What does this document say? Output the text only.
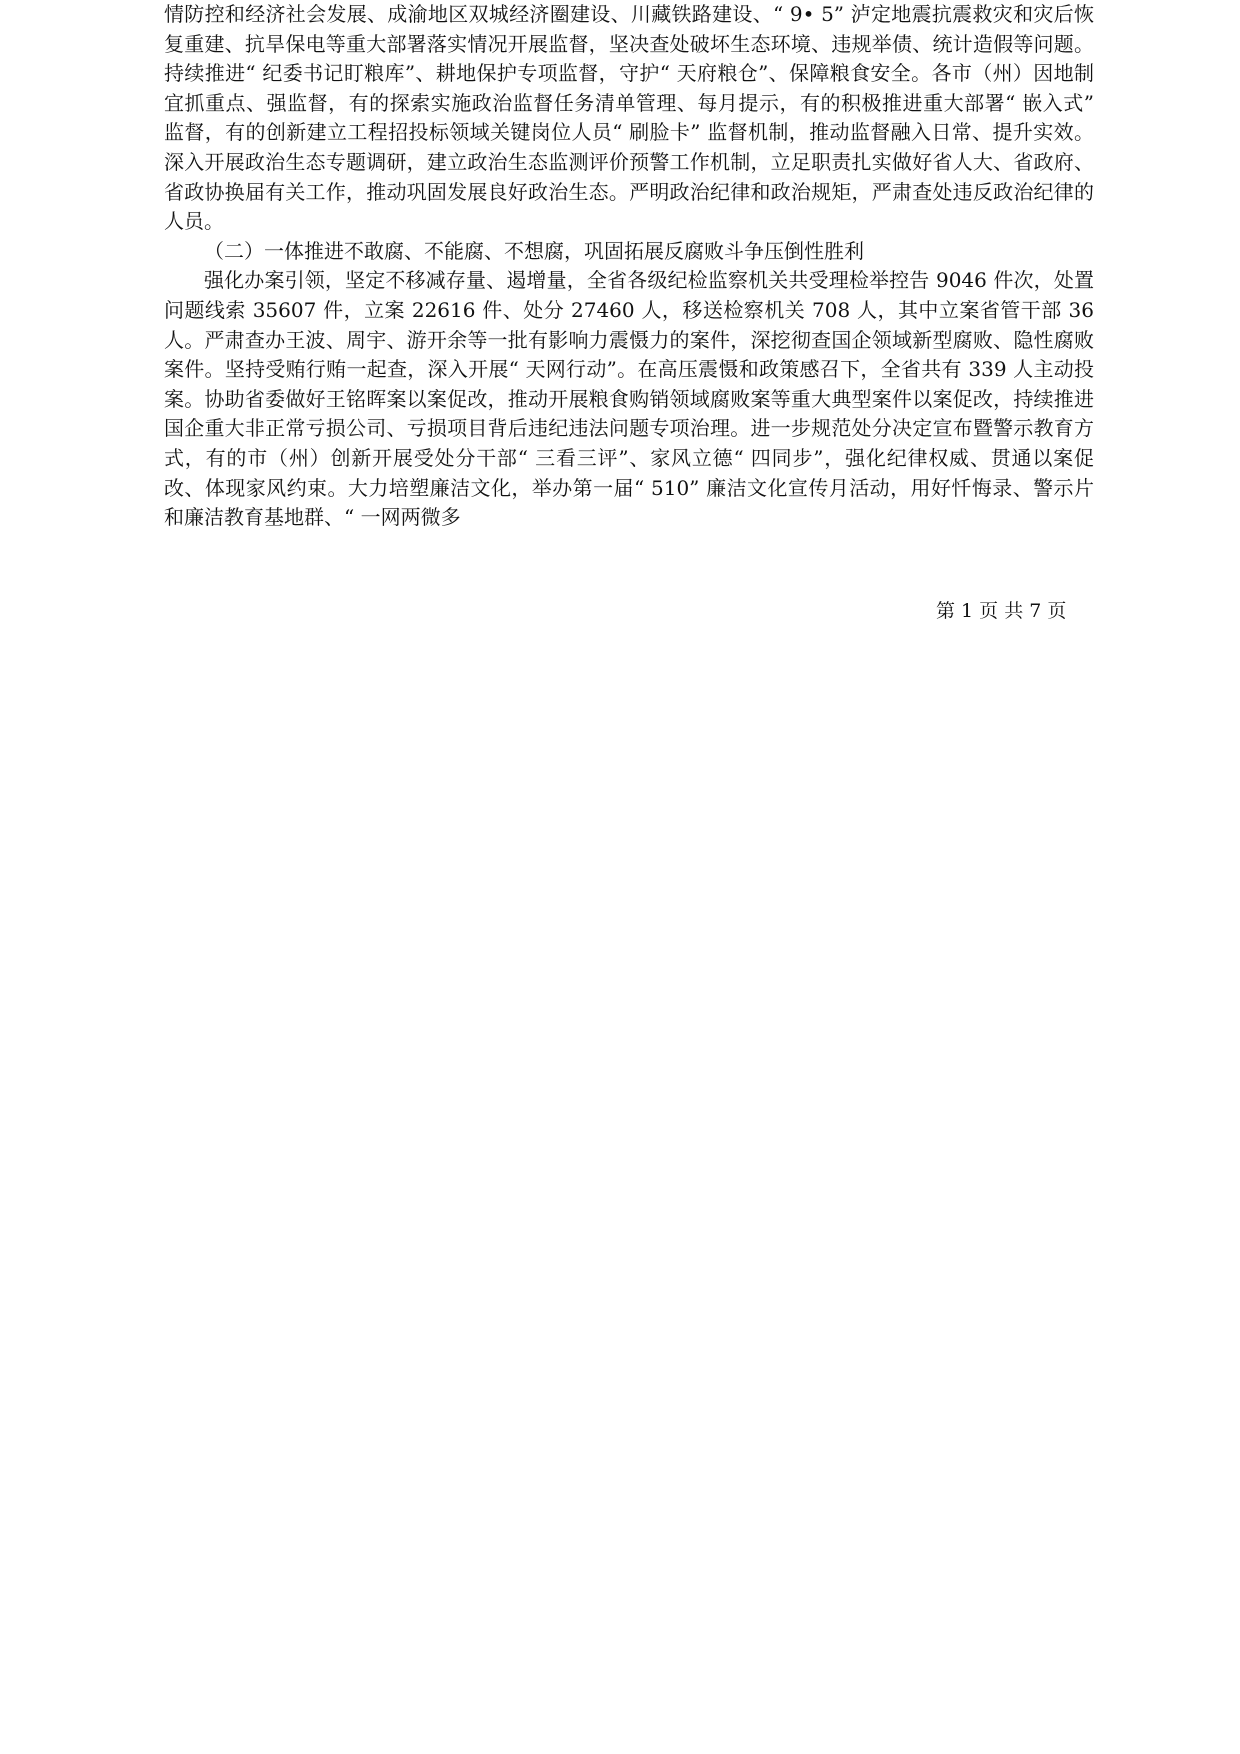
情防控和经济社会发展、成渝地区双城经济圈建设、川藏铁路建设、“ 9• 5” 泸定地震抗震救灾和灾后恢复重建、抗旱保电等重大部署落实情况开展监督，坚决查处破坏生态环境、违规举债、统计造假等问题。持续推进“ 纪委书记盯粮库”、耕地保护专项监督，守护“ 天府粮仓”、保障粮食安全。各市（州）因地制宜抓重点、强监督，有的探索实施政治监督任务清单管理、每月提示，有的积极推进重大部署“ 嵌入式” 监督，有的创新建立工程招投标领域关键岗位人员“ 刷脸卡” 监督机制，推动监督融入日常、提升实效。深入开展政治生态专题调研，建立政治生态监测评价预警工作机制，立足职责扎实做好省人大、省政府、省政协换届有关工作，推动巩固发展良好政治生态。严明政治纪律和政治规矩，严肃查处违反政治纪律的人员。

（二）一体推进不敢腐、不能腐、不想腐，巩固拓展反腐败斗争压倒性胜利

强化办案引领，坚定不移减存量、遏增量，全省各级纪检监察机关共受理检举控告 9046 件次，处置问题线索 35607 件，立案 22616 件、处分 27460 人，移送检察机关 708 人，其中立案省管干部 36 人。严肃查办王波、周宇、游开余等一批有影响力震慑力的案件，深挖彻查国企领域新型腐败、隐性腐败案件。坚持受贿行贿一起查，深入开展“ 天网行动”。在高压震慑和政策感召下，全省共有 339 人主动投案。协助省委做好王铭晖案以案促改，推动开展粮食购销领域腐败案等重大典型案件以案促改，持续推进国企重大非正常亏损公司、亏损项目背后违纪违法问题专项治理。进一步规范处分决定宣布暨警示教育方式，有的市（州）创新开展受处分干部“ 三看三评”、家风立德“ 四同步”，强化纪律权威、贯通以案促改、体现家风约束。大力培塑廉洁文化，举办第一届“ 510” 廉洁文化宣传月活动，用好忏悔录、警示片和廉洁教育基地群、“ 一网两微多

第 1 页 共 7 页
